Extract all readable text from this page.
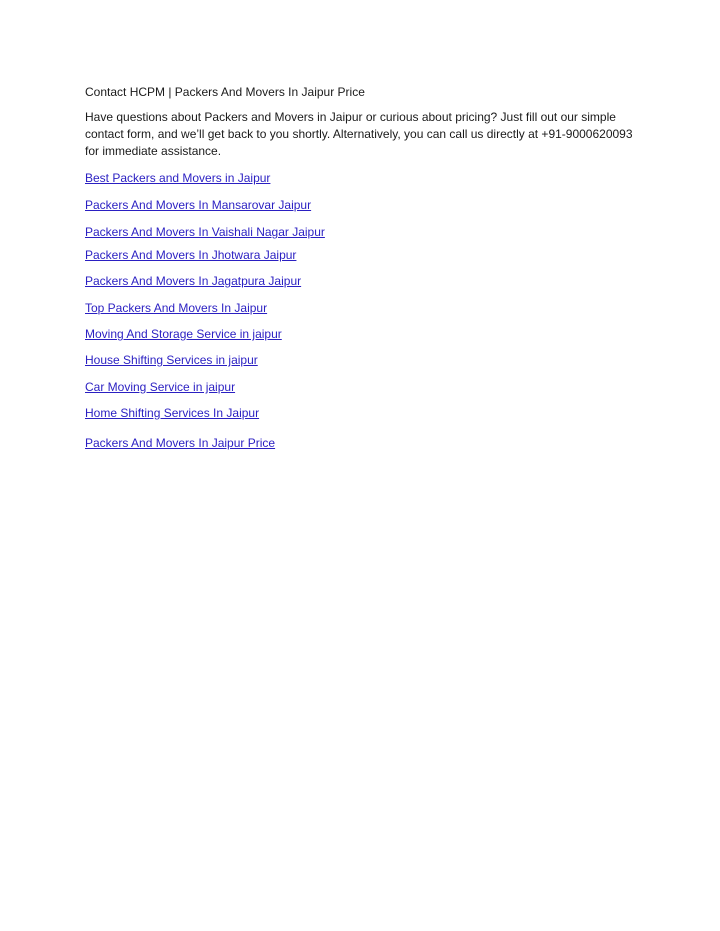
Contact HCPM | Packers And Movers In Jaipur Price

Have questions about Packers and Movers in Jaipur or curious about pricing? Just fill out our simple contact form, and we’ll get back to you shortly. Alternatively, you can call us directly at +91-9000620093 for immediate assistance.

Best Packers and Movers in Jaipur
Packers And Movers In Mansarovar Jaipur
Packers And Movers In Vaishali Nagar Jaipur
Packers And Movers In Jhotwara Jaipur
Packers And Movers In Jagatpura Jaipur
Top Packers And Movers In Jaipur
Moving And Storage Service in jaipur
House Shifting Services in jaipur
Car Moving Service in jaipur
Home Shifting Services In Jaipur
Packers And Movers In Jaipur Price
